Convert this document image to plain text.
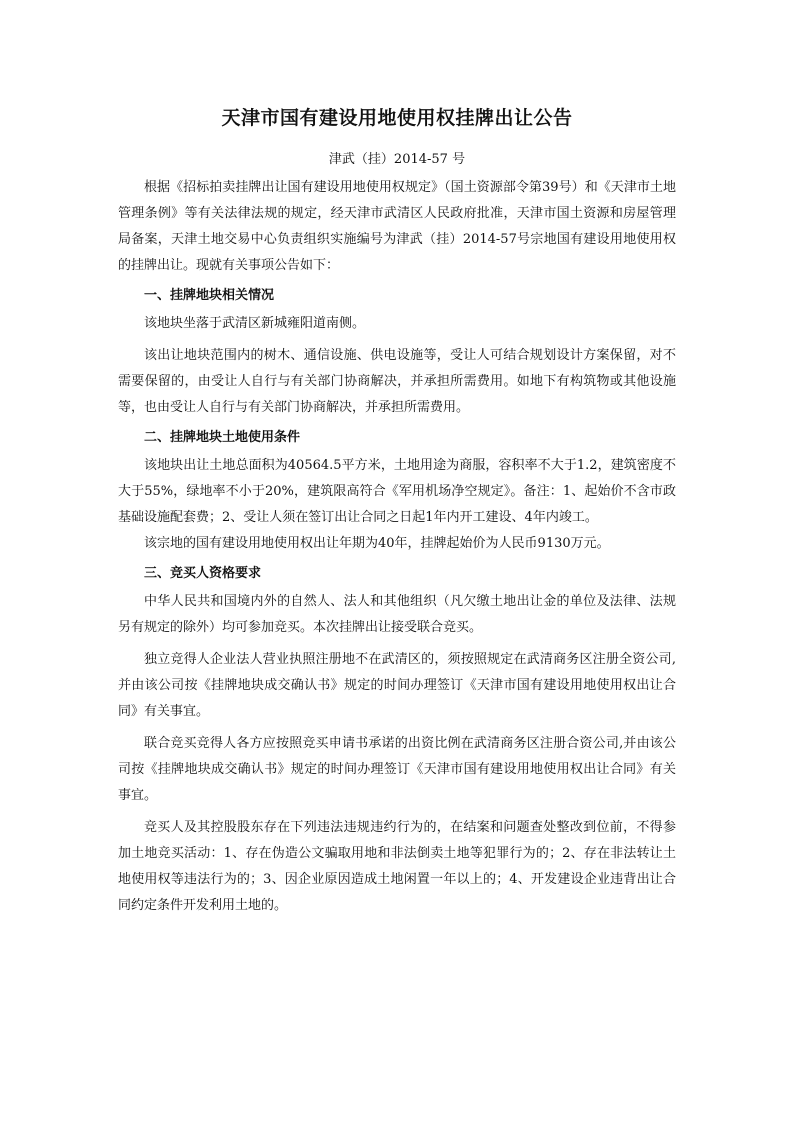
天津市国有建设用地使用权挂牌出让公告
津武（挂）2014-57 号

根据《招标拍卖挂牌出让国有建设用地使用权规定》（国土资源部令第39号）和《天津市土地管理条例》等有关法律法规的规定，经天津市武清区人民政府批准，天津市国土资源和房屋管理局备案，天津土地交易中心负责组织实施编号为津武（挂）2014-57号宗地国有建设用地使用权的挂牌出让。现就有关事项公告如下：

一、挂牌地块相关情况

该地块坐落于武清区新城雍阳道南侧。

该出让地块范围内的树木、通信设施、供电设施等，受让人可结合规划设计方案保留，对不需要保留的，由受让人自行与有关部门协商解决，并承担所需费用。如地下有构筑物或其他设施等，也由受让人自行与有关部门协商解决，并承担所需费用。

二、挂牌地块土地使用条件

该地块出让土地总面积为40564.5平方米，土地用途为商服，容积率不大于1.2，建筑密度不大于55%，绿地率不小于20%，建筑限高符合《军用机场净空规定》。备注：1、起始价不含市政基础设施配套费；2、受让人须在签订出让合同之日起1年内开工建设、4年内竣工。

该宗地的国有建设用地使用权出让年期为40年，挂牌起始价为人民币9130万元。

三、竞买人资格要求

中华人民共和国境内外的自然人、法人和其他组织（凡欠缴土地出让金的单位及法律、法规另有规定的除外）均可参加竞买。本次挂牌出让接受联合竞买。

独立竞得人企业法人营业执照注册地不在武清区的，须按照规定在武清商务区注册全资公司,并由该公司按《挂牌地块成交确认书》规定的时间办理签订《天津市国有建设用地使用权出让合同》有关事宜。

联合竞买竞得人各方应按照竞买申请书承诺的出资比例在武清商务区注册合资公司,并由该公司按《挂牌地块成交确认书》规定的时间办理签订《天津市国有建设用地使用权出让合同》有关事宜。

竞买人及其控股股东存在下列违法违规违约行为的，在结案和问题查处整改到位前，不得参加土地竞买活动：1、存在伪造公文骗取用地和非法倒卖土地等犯罪行为的；2、存在非法转让土地使用权等违法行为的；3、因企业原因造成土地闲置一年以上的；4、开发建设企业违背出让合同约定条件开发利用土地的。
